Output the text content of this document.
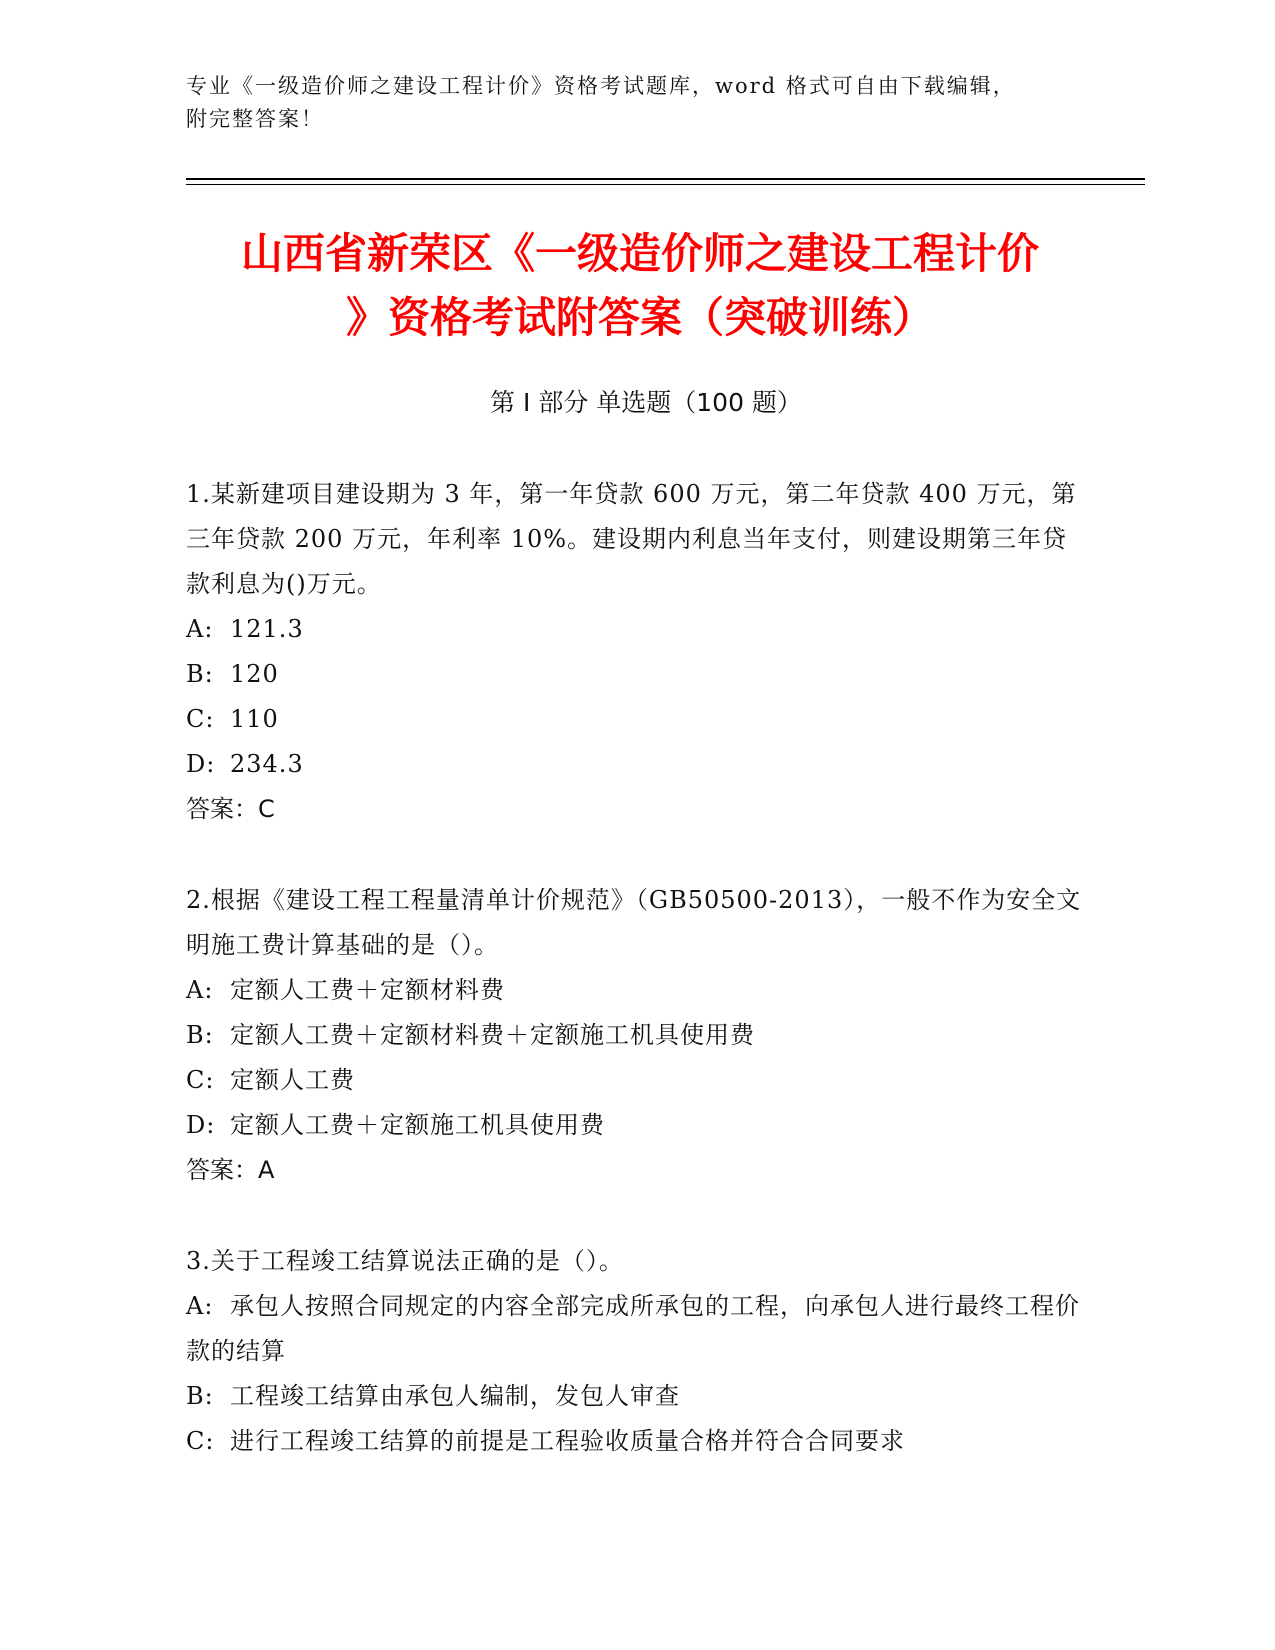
专业《一级造价师之建设工程计价》资格考试题库，word 格式可自由下载编辑，
附完整答案！
山西省新荣区《一级造价师之建设工程计价
》资格考试附答案（突破训练）
第 I 部分 单选题（100 题）
1.某新建项目建设期为 3 年，第一年贷款 600 万元，第二年贷款 400 万元，第三年贷款 200 万元，年利率 10%。建设期内利息当年支付，则建设期第三年贷款利息为()万元。
A: 121.3
B: 120
C: 110
D: 234.3
答案：C
2.根据《建设工程工程量清单计价规范》（GB50500-2013），一般不作为安全文明施工费计算基础的是（）。
A: 定额人工费＋定额材料费
B: 定额人工费＋定额材料费＋定额施工机具使用费
C: 定额人工费
D: 定额人工费＋定额施工机具使用费
答案：A
3.关于工程竣工结算说法正确的是（）。
A: 承包人按照合同规定的内容全部完成所承包的工程，向承包人进行最终工程价款的结算
B: 工程竣工结算由承包人编制，发包人审查
C: 进行工程竣工结算的前提是工程验收质量合格并符合合同要求
